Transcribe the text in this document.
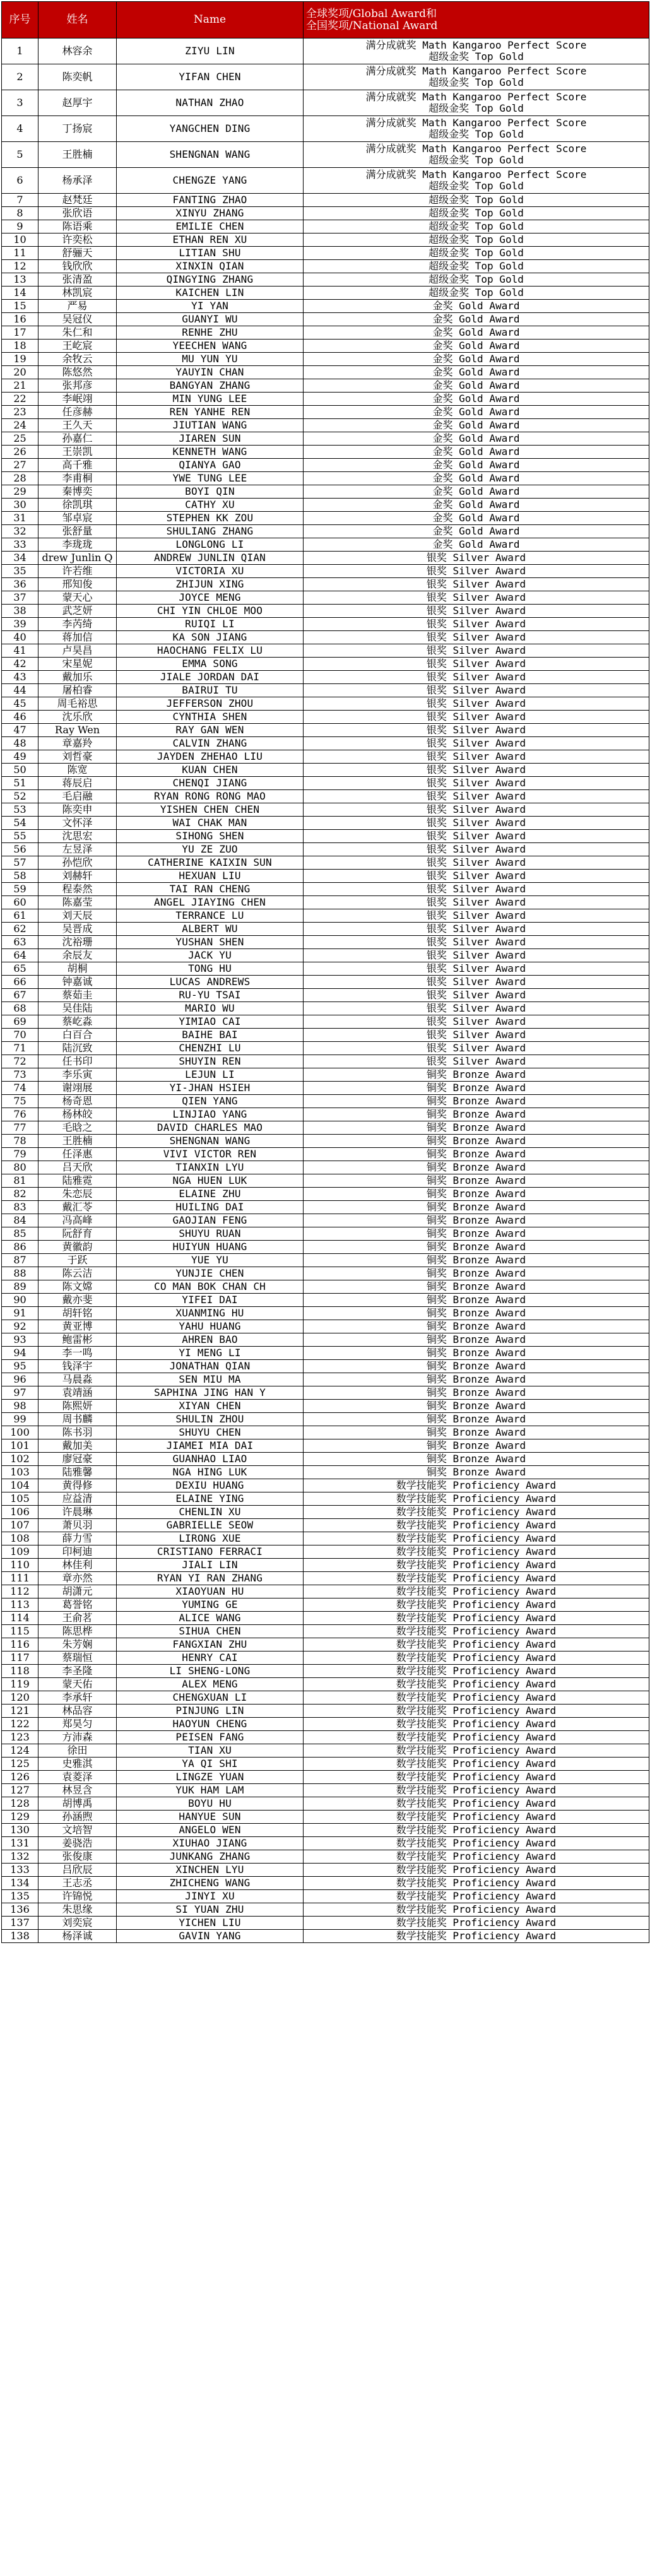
序号	姓名	Name	全球奖项/Global Award和
全国奖项/National Award

1	林容余	ZIYU LIN	满分成就奖 Math Kangaroo Perfect Score
超级金奖 Top Gold

2	陈奕帆	YIFAN CHEN	满分成就奖 Math Kangaroo Perfect Score
超级金奖 Top Gold

3	赵厚宇	NATHAN ZHAO	满分成就奖 Math Kangaroo Perfect Score
超级金奖 Top Gold

4	丁扬宸	YANGCHEN DING	满分成就奖 Math Kangaroo Perfect Score
超级金奖 Top Gold

5	王胜楠	SHENGNAN WANG	满分成就奖 Math Kangaroo Perfect Score
超级金奖 Top Gold

6	杨承泽	CHENGZE YANG	满分成就奖 Math Kangaroo Perfect Score
超级金奖 Top Gold

7	赵梵廷	FANTING ZHAO	超级金奖 Top Gold

8	张欣语	XINYU ZHANG	超级金奖 Top Gold

9	陈语乘	EMILIE CHEN	超级金奖 Top Gold

10	许奕松	ETHAN REN XU	超级金奖 Top Gold

11	舒骊天	LITIAN SHU	超级金奖 Top Gold

12	钱欣欣	XINXIN QIAN	超级金奖 Top Gold

13	张清盈	QINGYING ZHANG	超级金奖 Top Gold

14	林凯宸	KAICHEN LIN	超级金奖 Top Gold

15	严易	YI YAN	金奖 Gold Award

16	吴冠仪	GUANYI WU	金奖 Gold Award

17	朱仁和	RENHE ZHU	金奖 Gold Award

18	王屹宸	YEECHEN WANG	金奖 Gold Award

19	余牧云	MU YUN YU	金奖 Gold Award

20	陈悠然	YAUYIN CHAN	金奖 Gold Award

21	张邦彦	BANGYAN ZHANG	金奖 Gold Award

22	李岷翊	MIN YUNG LEE	金奖 Gold Award

23	任彦赫	REN YANHE REN	金奖 Gold Award

24	王久天	JIUTIAN WANG	金奖 Gold Award

25	孙嘉仁	JIAREN SUN	金奖 Gold Award

26	王崇凯	KENNETH WANG	金奖 Gold Award

27	高千雅	QIANYA GAO	金奖 Gold Award

28	李甫桐	YWE TUNG LEE	金奖 Gold Award

29	秦博奕	BOYI QIN	金奖 Gold Award

30	徐凯琪	CATHY XU	金奖 Gold Award

31	邹卓宸	STEPHEN KK ZOU	金奖 Gold Award

32	张舒量	SHULIANG ZHANG	金奖 Gold Award

33	李珑珑	LONGLONG LI	金奖 Gold Award

34	drew Junlin Q	ANDREW JUNLIN QIAN	银奖 Silver Award

35	许若维	VICTORIA XU	银奖 Silver Award

36	邢知俊	ZHIJUN XING	银奖 Silver Award

37	蒙天心	JOYCE MENG	银奖 Silver Award

38	武芝妍	CHI YIN CHLOE MOO	银奖 Silver Award

39	李芮绮	RUIQI LI	银奖 Silver Award

40	蒋加信	KA SON JIANG	银奖 Silver Award

41	卢昊昌	HAOCHANG FELIX LU	银奖 Silver Award

42	宋星妮	EMMA SONG	银奖 Silver Award

43	戴加乐	JIALE JORDAN DAI	银奖 Silver Award

44	屠柏睿	BAIRUI TU	银奖 Silver Award

45	周毛裕思	JEFFERSON ZHOU	银奖 Silver Award

46	沈乐欣	CYNTHIA SHEN	银奖 Silver Award

47	Ray Wen	RAY GAN WEN	银奖 Silver Award

48	章嘉羚	CALVIN ZHANG	银奖 Silver Award

49	刘哲豪	JAYDEN ZHEHAO LIU	银奖 Silver Award

50	陈宽	KUAN CHEN	银奖 Silver Award

51	蒋辰启	CHENQI JIANG	银奖 Silver Award

52	毛启融	RYAN RONG RONG MAO	银奖 Silver Award

53	陈奕申	YISHEN CHEN CHEN	银奖 Silver Award

54	文怀泽	WAI CHAK MAN	银奖 Silver Award

55	沈思宏	SIHONG SHEN	银奖 Silver Award

56	左昱泽	YU ZE ZUO	银奖 Silver Award

57	孙恺欣	CATHERINE KAIXIN SUN	银奖 Silver Award

58	刘赫轩	HEXUAN LIU	银奖 Silver Award

59	程泰然	TAI RAN CHENG	银奖 Silver Award

60	陈嘉莹	ANGEL JIAYING CHEN	银奖 Silver Award

61	刘天辰	TERRANCE LU	银奖 Silver Award

62	吴晋成	ALBERT WU	银奖 Silver Award

63	沈裕珊	YUSHAN SHEN	银奖 Silver Award

64	余辰友	JACK YU	银奖 Silver Award

65	胡桐	TONG HU	银奖 Silver Award

66	钟嘉诚	LUCAS ANDREWS	银奖 Silver Award

67	蔡茹圭	RU-YU TSAI	银奖 Silver Award

68	吴佳陆	MARIO WU	银奖 Silver Award

69	蔡屹淼	YIMIAO CAI	银奖 Silver Award

70	白百合	BAIHE BAI	银奖 Silver Award

71	陆沉致	CHENZHI LU	银奖 Silver Award

72	任书印	SHUYIN REN	银奖 Silver Award

73	李乐寅	LEJUN LI	铜奖 Bronze Award

74	谢翊展	YI-JHAN HSIEH	铜奖 Bronze Award

75	杨奇恩	QIEN YANG	铜奖 Bronze Award

76	杨林皎	LINJIAO YANG	铜奖 Bronze Award

77	毛晗之	DAVID CHARLES MAO	铜奖 Bronze Award

78	王胜楠	SHENGNAN WANG	铜奖 Bronze Award

79	任泽惠	VIVI VICTOR REN	铜奖 Bronze Award

80	吕天欣	TIANXIN LYU	铜奖 Bronze Award

81	陆雅霓	NGA HUEN LUK	铜奖 Bronze Award

82	朱恋辰	ELAINE ZHU	铜奖 Bronze Award

83	戴汇苓	HUILING DAI	铜奖 Bronze Award

84	冯高峰	GAOJIAN FENG	铜奖 Bronze Award

85	阮舒育	SHUYU RUAN	铜奖 Bronze Award

86	黄徽韵	HUIYUN HUANG	铜奖 Bronze Award

87	于跃	YUE YU	铜奖 Bronze Award

88	陈云洁	YUNJIE CHEN	铜奖 Bronze Award

89	陈文嫦	CO MAN BOK CHAN CH	铜奖 Bronze Award

90	戴亦斐	YIFEI DAI	铜奖 Bronze Award

91	胡轩铭	XUANMING HU	铜奖 Bronze Award

92	黄亚博	YAHU HUANG	铜奖 Bronze Award

93	鲍雷彬	AHREN BAO	铜奖 Bronze Award

94	李一鸣	YI MENG LI	铜奖 Bronze Award

95	钱泽宇	JONATHAN QIAN	铜奖 Bronze Award

96	马晨淼	SEN MIU MA	铜奖 Bronze Award

97	袁靖涵	SAPHINA JING HAN Y	铜奖 Bronze Award

98	陈熙妍	XIYAN CHEN	铜奖 Bronze Award

99	周书麟	SHULIN ZHOU	铜奖 Bronze Award

100	陈书羽	SHUYU CHEN	铜奖 Bronze Award

101	戴加美	JIAMEI MIA DAI	铜奖 Bronze Award

102	廖冠豪	GUANHAO LIAO	铜奖 Bronze Award

103	陆雅馨	NGA HING LUK	铜奖 Bronze Award

104	黄得修	DEXIU HUANG	数学技能奖 Proficiency Award

105	应益清	ELAINE YING	数学技能奖 Proficiency Award

106	许晨琳	CHENLIN XU	数学技能奖 Proficiency Award

107	萧贝羽	GABRIELLE SEOW	数学技能奖 Proficiency Award

108	薛力雪	LIRONG XUE	数学技能奖 Proficiency Award

109	印柯迪	CRISTIANO FERRACI	数学技能奖 Proficiency Award

110	林佳利	JIALI LIN	数学技能奖 Proficiency Award

111	章亦然	RYAN YI RAN ZHANG	数学技能奖 Proficiency Award

112	胡潇元	XIAOYUAN HU	数学技能奖 Proficiency Award

113	葛誉铭	YUMING GE	数学技能奖 Proficiency Award

114	王俞茗	ALICE WANG	数学技能奖 Proficiency Award

115	陈思桦	SIHUA CHEN	数学技能奖 Proficiency Award

116	朱芳娴	FANGXIAN ZHU	数学技能奖 Proficiency Award

117	蔡瑞恒	HENRY CAI	数学技能奖 Proficiency Award

118	李圣隆	LI SHENG-LONG	数学技能奖 Proficiency Award

119	蒙天佑	ALEX MENG	数学技能奖 Proficiency Award

120	李承轩	CHENGXUAN LI	数学技能奖 Proficiency Award

121	林品容	PINJUNG LIN	数学技能奖 Proficiency Award

122	郑昊匀	HAOYUN CHENG	数学技能奖 Proficiency Award

123	方沛森	PEISEN FANG	数学技能奖 Proficiency Award

124	徐田	TIAN XU	数学技能奖 Proficiency Award

125	史雅淇	YA QI SHI	数学技能奖 Proficiency Award

126	袁菱泽	LINGZE YUAN	数学技能奖 Proficiency Award

127	林昱含	YUK HAM LAM	数学技能奖 Proficiency Award

128	胡博禹	BOYU HU	数学技能奖 Proficiency Award

129	孙涵煦	HANYUE SUN	数学技能奖 Proficiency Award

130	文培智	ANGELO WEN	数学技能奖 Proficiency Award

131	姜骁浩	XIUHAO JIANG	数学技能奖 Proficiency Award

132	张俊康	JUNKANG ZHANG	数学技能奖 Proficiency Award

133	吕欣辰	XINCHEN LYU	数学技能奖 Proficiency Award

134	王志丞	ZHICHENG WANG	数学技能奖 Proficiency Award

135	许锦悦	JINYI XU	数学技能奖 Proficiency Award

136	朱思缘	SI YUAN ZHU	数学技能奖 Proficiency Award

137	刘奕宸	YICHEN LIU	数学技能奖 Proficiency Award

138	杨泽诚	GAVIN YANG	数学技能奖 Proficiency Award
